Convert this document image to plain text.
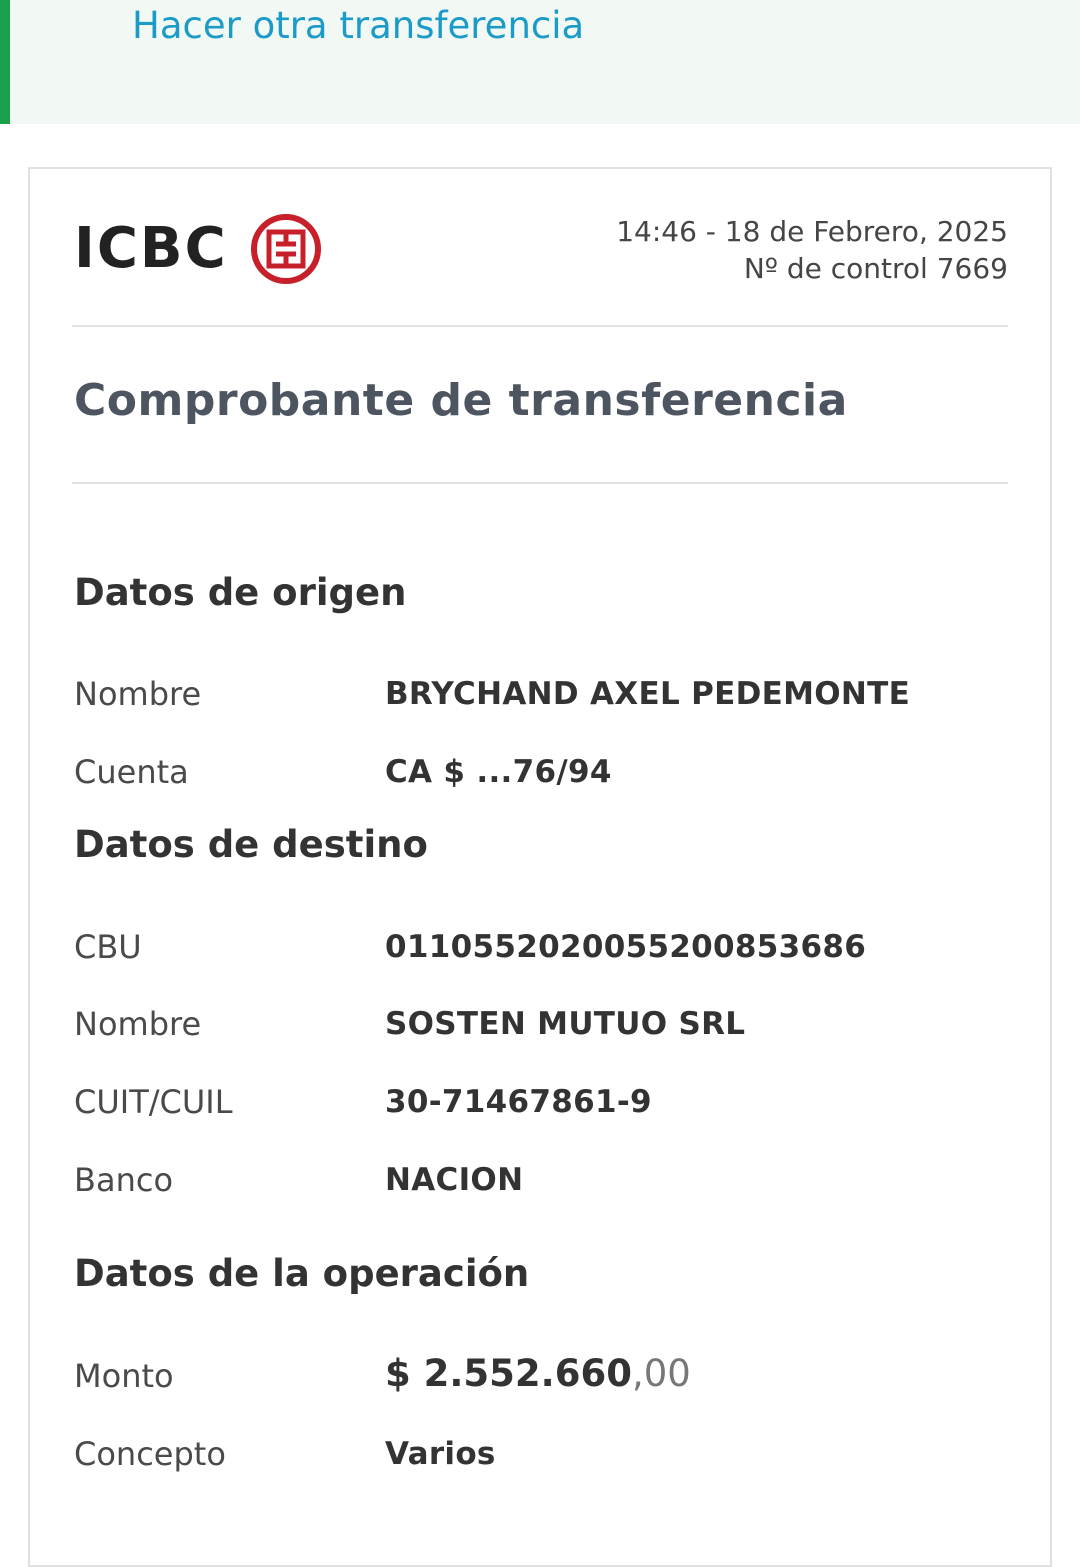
Hacer otra transferencia
ICBC	14:46 - 18 de Febrero, 2025
Nº de control 7669
Comprobante de transferencia
Datos de origen
Nombre	BRYCHAND AXEL PEDEMONTE
Cuenta	CA $ ...76/94
Datos de destino
CBU	0110552020055200853686
Nombre	SOSTEN MUTUO SRL
CUIT/CUIL	30-71467861-9
Banco	NACION
Datos de la operación
Monto	$ 2.552.660,00
Concepto	Varios
